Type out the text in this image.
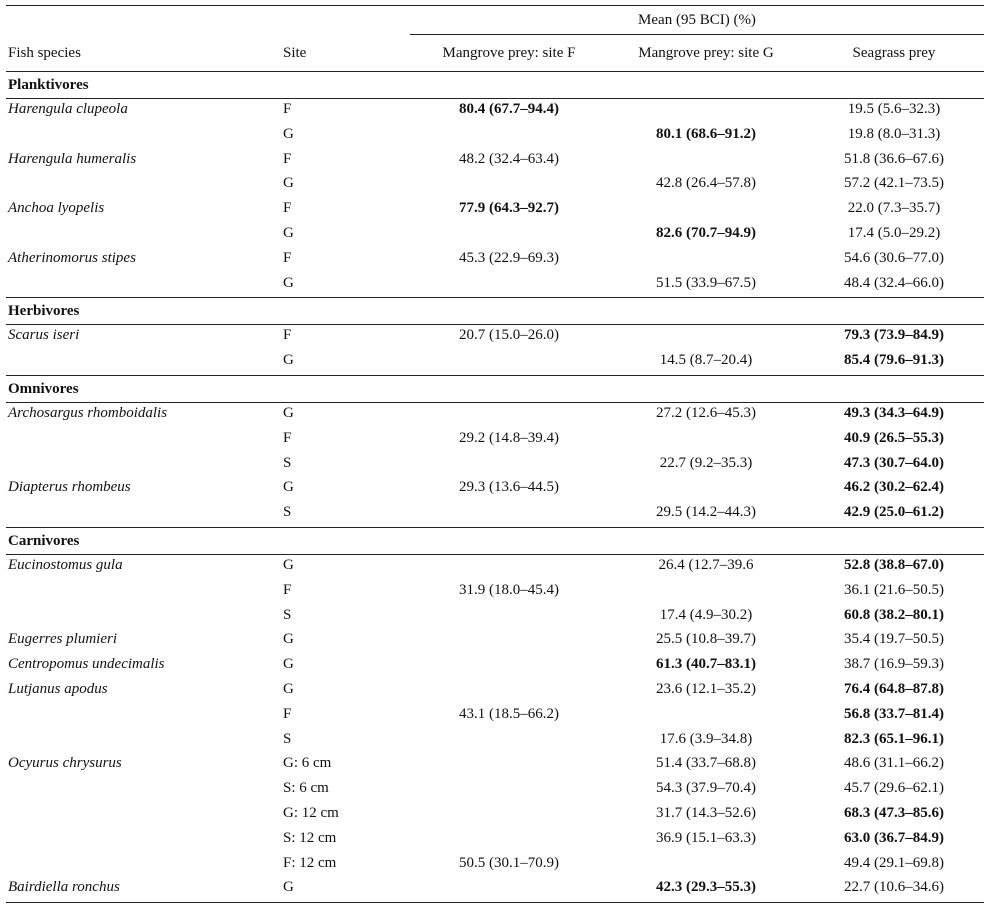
		Mean (95 BCI) (%)		
Fish species	Site	Mangrove prey: site F	Mangrove prey: site G	Seagrass prey
Planktivores				
Harengula clupeola	F	80.4 (67.7–94.4)		19.5 (5.6–32.3)
	G		80.1 (68.6–91.2)	19.8 (8.0–31.3)
Harengula humeralis	F	48.2 (32.4–63.4)		51.8 (36.6–67.6)
	G		42.8 (26.4–57.8)	57.2 (42.1–73.5)
Anchoa lyopelis	F	77.9 (64.3–92.7)		22.0 (7.3–35.7)
	G		82.6 (70.7–94.9)	17.4 (5.0–29.2)
Atherinomorus stipes	F	45.3 (22.9–69.3)		54.6 (30.6–77.0)
	G		51.5 (33.9–67.5)	48.4 (32.4–66.0)
Herbivores				
Scarus iseri	F	20.7 (15.0–26.0)		79.3 (73.9–84.9)
	G		14.5 (8.7–20.4)	85.4 (79.6–91.3)
Omnivores				
Archosargus rhomboidalis	G		27.2 (12.6–45.3)	49.3 (34.3–64.9)
	F	29.2 (14.8–39.4)		40.9 (26.5–55.3)
	S		22.7 (9.2–35.3)	47.3 (30.7–64.0)
Diapterus rhombeus	G	29.3 (13.6–44.5)		46.2 (30.2–62.4)
	S		29.5 (14.2–44.3)	42.9 (25.0–61.2)
Carnivores				
Eucinostomus gula	G		26.4 (12.7–39.6	52.8 (38.8–67.0)
	F	31.9 (18.0–45.4)		36.1 (21.6–50.5)
	S		17.4 (4.9–30.2)	60.8 (38.2–80.1)
Eugerres plumieri	G		25.5 (10.8–39.7)	35.4 (19.7–50.5)
Centropomus undecimalis	G		61.3 (40.7–83.1)	38.7 (16.9–59.3)
Lutjanus apodus	G		23.6 (12.1–35.2)	76.4 (64.8–87.8)
	F	43.1 (18.5–66.2)		56.8 (33.7–81.4)
	S		17.6 (3.9–34.8)	82.3 (65.1–96.1)
Ocyurus chrysurus	G: 6 cm		51.4 (33.7–68.8)	48.6 (31.1–66.2)
	S: 6 cm		54.3 (37.9–70.4)	45.7 (29.6–62.1)
	G: 12 cm		31.7 (14.3–52.6)	68.3 (47.3–85.6)
	S: 12 cm		36.9 (15.1–63.3)	63.0 (36.7–84.9)
	F: 12 cm	50.5 (30.1–70.9)		49.4 (29.1–69.8)
Bairdiella ronchus	G		42.3 (29.3–55.3)	22.7 (10.6–34.6)
